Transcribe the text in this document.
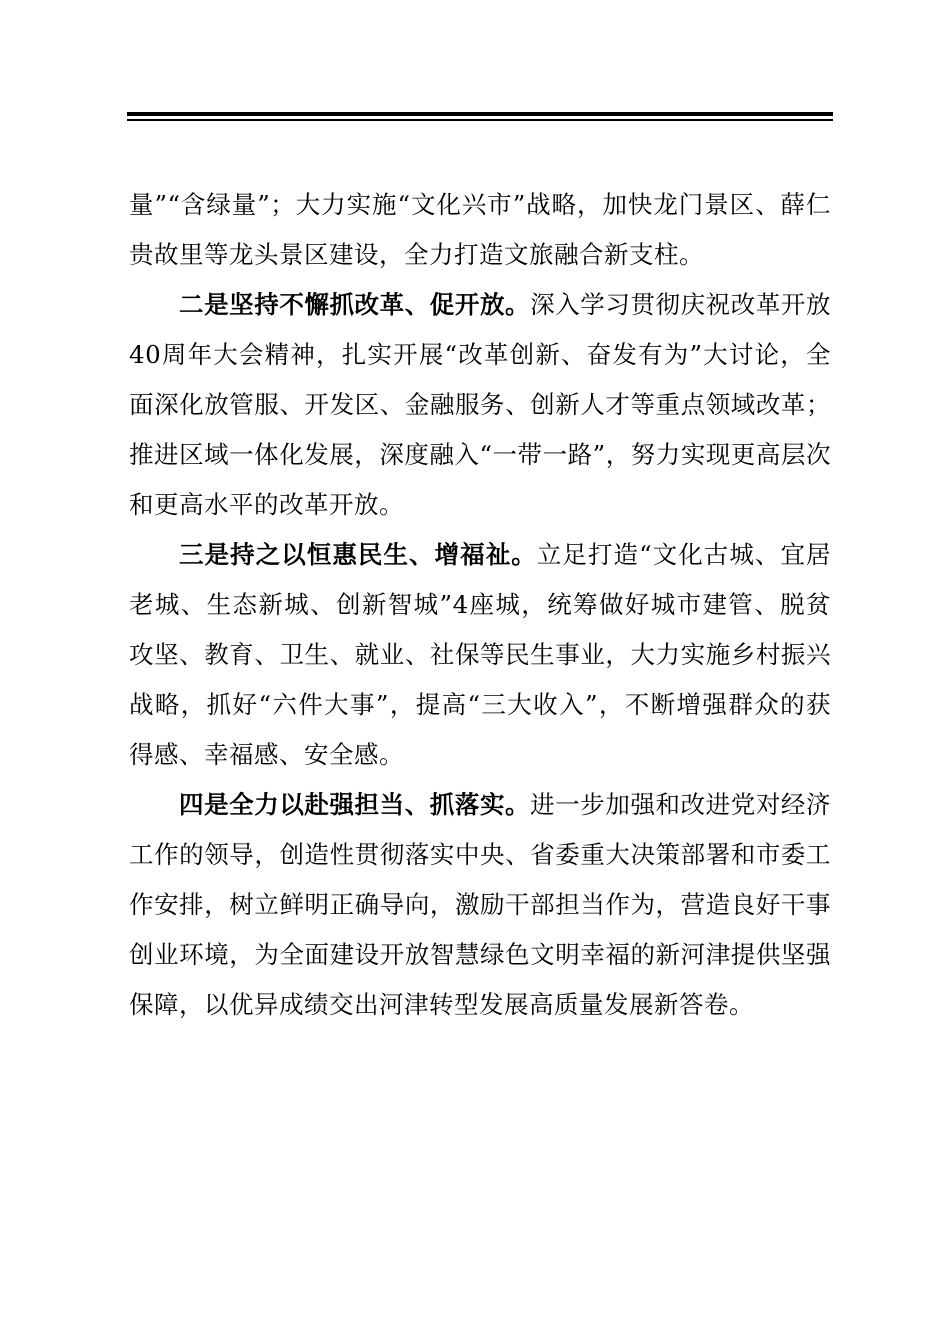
量”“含绿量”；大力实施“文化兴市”战略，加快龙门景区、薛仁贵故里等龙头景区建设，全力打造文旅融合新支柱。

二是坚持不懈抓改革、促开放。深入学习贯彻庆祝改革开放40周年大会精神，扎实开展“改革创新、奋发有为”大讨论，全面深化放管服、开发区、金融服务、创新人才等重点领域改革；推进区域一体化发展，深度融入“一带一路”，努力实现更高层次和更高水平的改革开放。

三是持之以恒惠民生、增福祉。立足打造“文化古城、宜居老城、生态新城、创新智城”4座城，统筹做好城市建管、脱贫攻坚、教育、卫生、就业、社保等民生事业，大力实施乡村振兴战略，抓好“六件大事”，提高“三大收入”，不断增强群众的获得感、幸福感、安全感。

四是全力以赴强担当、抓落实。进一步加强和改进党对经济工作的领导，创造性贯彻落实中央、省委重大决策部署和市委工作安排，树立鲜明正确导向，激励干部担当作为，营造良好干事创业环境，为全面建设开放智慧绿色文明幸福的新河津提供坚强保障，以优异成绩交出河津转型发展高质量发展新答卷。
